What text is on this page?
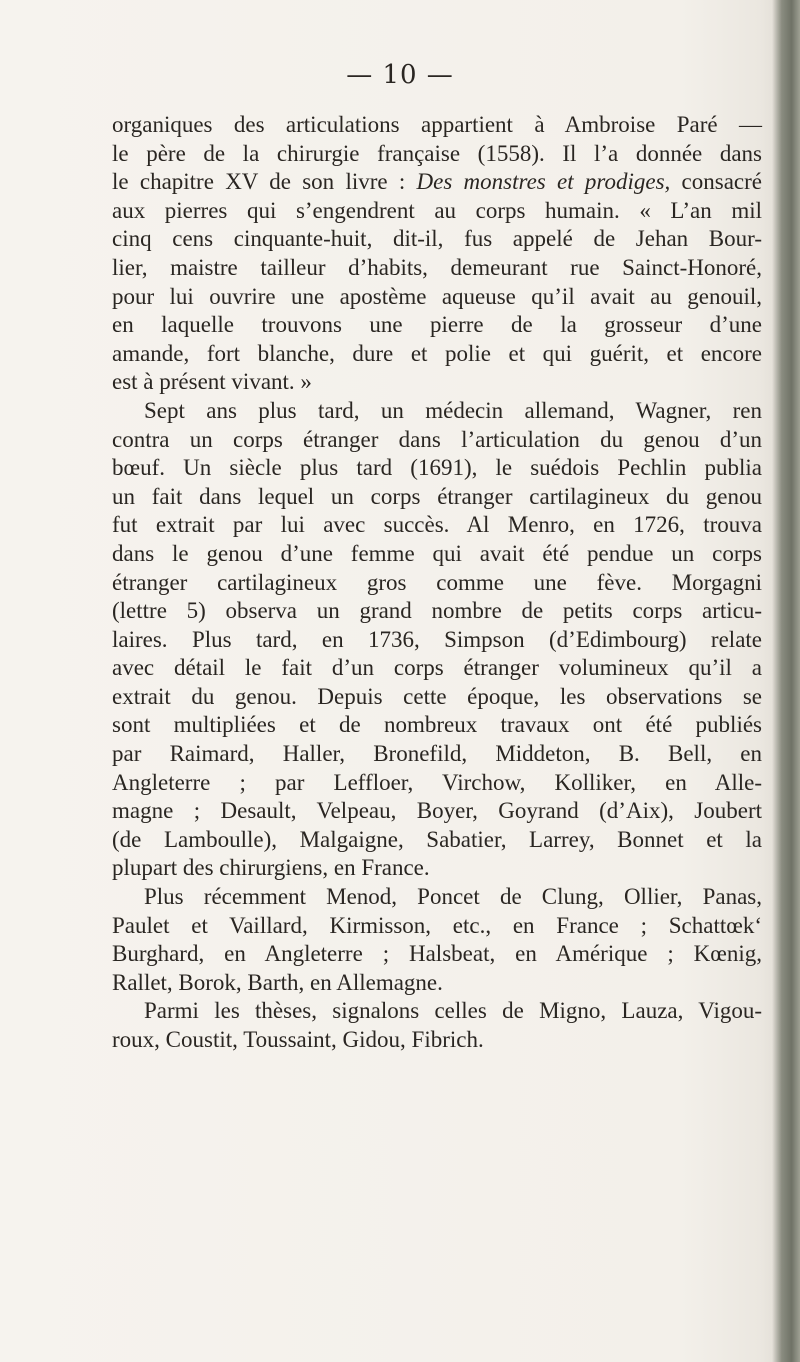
— 10 —
organiques des articulations appartient à Ambroise Paré —
le père de la chirurgie française (1558). Il l’a donnée dans
le chapitre XV de son livre : Des monstres et prodiges, consacré
aux pierres qui s’engendrent au corps humain. « L’an mil
cinq cens cinquante-huit, dit-il, fus appelé de Jehan Bour-
lier, maistre tailleur d’habits, demeurant rue Sainct-Honoré,
pour lui ouvrire une apostème aqueuse qu’il avait au genouil,
en laquelle trouvons une pierre de la grosseur d’une
amande, fort blanche, dure et polie et qui guérit, et encore
est à présent vivant. »
Sept ans plus tard, un médecin allemand, Wagner, ren
contra un corps étranger dans l’articulation du genou d’un
bœuf. Un siècle plus tard (1691), le suédois Pechlin publia
un fait dans lequel un corps étranger cartilagineux du genou
fut extrait par lui avec succès. Al Menro, en 1726, trouva
dans le genou d’une femme qui avait été pendue un corps
étranger cartilagineux gros comme une fève. Morgagni
(lettre 5) observa un grand nombre de petits corps articu-
laires. Plus tard, en 1736, Simpson (d’Edimbourg) relate
avec détail le fait d’un corps étranger volumineux qu’il a
extrait du genou. Depuis cette époque, les observations se
sont multipliées et de nombreux travaux ont été publiés
par Raimard, Haller, Bronefild, Middeton, B. Bell, en
Angleterre ; par Leffloer, Virchow, Kolliker, en Alle-
magne ; Desault, Velpeau, Boyer, Goyrand (d’Aix), Joubert
(de Lamboulle), Malgaigne, Sabatier, Larrey, Bonnet et la
plupart des chirurgiens, en France.
Plus récemment Menod, Poncet de Clung, Ollier, Panas,
Paulet et Vaillard, Kirmisson, etc., en France ; Schattœk‘
Burghard, en Angleterre ; Halsbeat, en Amérique ; Kœnig,
Rallet, Borok, Barth, en Allemagne.
Parmi les thèses, signalons celles de Migno, Lauza, Vigou-
roux, Coustit, Toussaint, Gidou, Fibrich.
